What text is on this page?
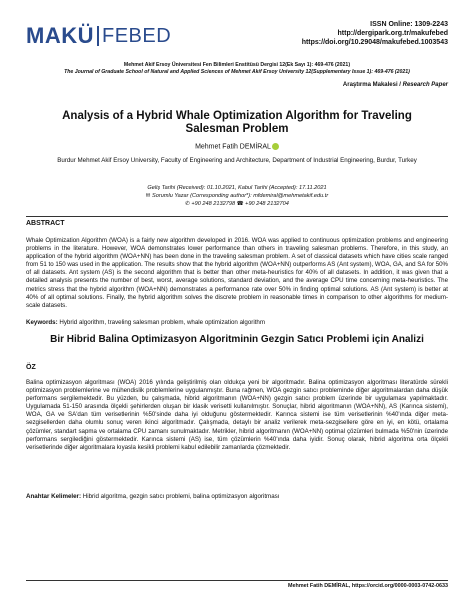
MAKÜ FEBED	ISSN Online: 1309-2243
http://dergipark.org.tr/makufebed
https://doi.org/10.29048/makufebed.1003543
Mehmet Akif Ersoy Üniversitesi Fen Bilimleri Enstitüsü Dergisi 12(Ek Sayı 1): 469-476 (2021)
The Journal of Graduate School of Natural and Applied Sciences of Mehmet Akif Ersoy University 12(Supplementary Issue 1): 469-476 (2021)
Araştırma Makalesi / Research Paper
Analysis of a Hybrid Whale Optimization Algorithm for Traveling Salesman Problem
Mehmet Fatih DEMİRAL
Burdur Mehmet Akif Ersoy University, Faculty of Engineering and Architecture, Department of Industrial Engineering, Burdur, Turkey
Geliş Tarihi (Received): 01.10.2021, Kabul Tarihi (Accepted): 17.11.2021
✉ Sorumlu Yazar (Corresponding author*): mfdemiral@mehmetakif.edu.tr
✆ +90 248 2132798 ☎ +90 248 2132704
ABSTRACT
Whale Optimization Algorithm (WOA) is a fairly new algorithm developed in 2016. WOA was applied to continuous optimization problems and engineering problems in the literature. However, WOA demonstrates lower performance than others in traveling salesman problems. Therefore, in this study, an application of the hybrid algorithm (WOA+NN) has been done in the traveling salesman problem. A set of classical datasets which have cities scale ranged from 51 to 150 was used in the application. The results show that the hybrid algorithm (WOA+NN) outperforms AS (Ant system), WOA, GA, and SA for 50% of all datasets. Ant system (AS) is the second algorithm that is better than other meta-heuristics for 40% of all datasets. In addition, it was given that a detailed analysis presents the number of best, worst, average solutions, standard deviation, and the average CPU time concerning meta-heuristics. The metrics stress that the hybrid algorithm (WOA+NN) demonstrates a performance rate over 50% in finding optimal solutions. AS (Ant system) is better at 40% of all optimal solutions. Finally, the hybrid algorithm solves the discrete problem in reasonable times in comparison to other algorithms for medium-scale datasets.
Keywords: Hybrid algorithm, traveling salesman problem, whale optimization algorithm
Bir Hibrid Balina Optimizasyon Algoritminin Gezgin Satıcı Problemi için Analizi
ÖZ
Balina optimizasyon algoritması (WOA) 2016 yılında geliştirilmiş olan oldukça yeni bir algoritmadır. Balina optimizasyon algoritması literatürde sürekli optimizasyon problemlerine ve mühendislik problemlerine uygulanmıştır. Buna rağmen, WOA gezgin satıcı probleminde diğer algoritmalardan daha düşük performans sergilemektedir. Bu yüzden, bu çalışmada, hibrid algoritmanın (WOA+NN) gezgin satıcı problem üzerinde bir uygulaması yapılmaktadır. Uygulamada 51-150 arasında ölçekli şehirlerden oluşan bir klasik verisetti kullanılmıştır. Sonuçlar, hibrid algoritmanın (WOA+NN), AS (Karınca sistemi), WOA, GA ve SA'dan tüm verisetlerinin %50'sinde daha iyi olduğunu göstermektedir. Karınca sistemi ise tüm verisetlerinin %40'ında diğer meta-sezgisellerden daha olumlu sonuç veren ikinci algoritmadır. Çalışmada, detaylı bir analiz verilerek meta-sezgisellere göre en iyi, en kötü, ortalama çözümler, standart sapma ve ortalama CPU zamanı sunulmaktadır. Metrikler, hibrid algoritmanın (WOA+NN) optimal çözümleri bulmada %50'nin üzerinde performans sergilediğini göstermektedir. Karınca sistemi (AS) ise, tüm çözümlerin %40'ında daha iyidir. Sonuç olarak, hibrid algoritma orta ölçekli verisetlerinde diğer algoritmalara kıyasla kesikli problemi kabul edilebilir zamanlarda çözmektedir.
Anahtar Kelimeler: Hibrid algoritma, gezgin satıcı problemi, balina optimizasyon algoritması
Mehmet Fatih DEMİRAL, https://orcid.org/0000-0003-0742-0633
